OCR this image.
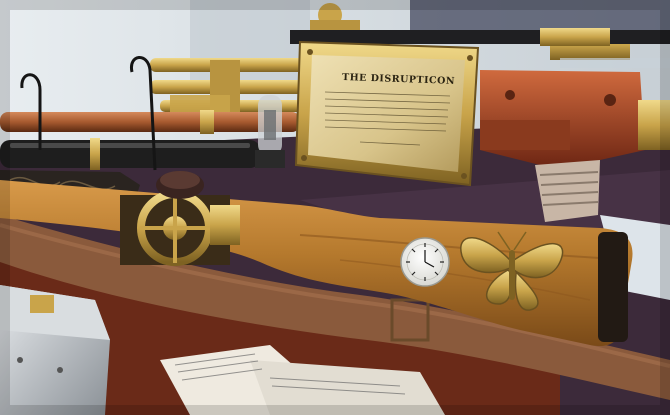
THE DISRUPTICON
